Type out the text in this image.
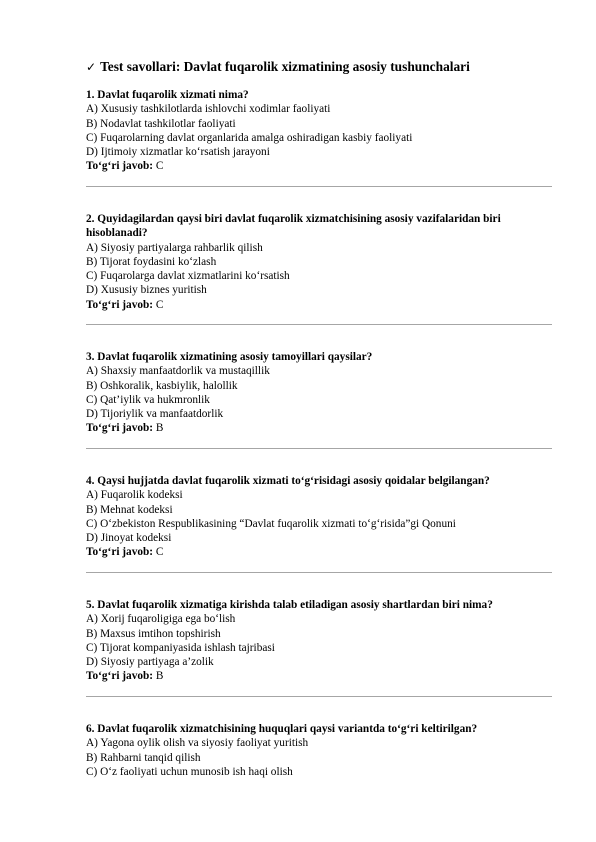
✓ Test savollari: Davlat fuqarolik xizmatining asosiy tushunchalari
1. Davlat fuqarolik xizmati nima?
A) Xususiy tashkilotlarda ishlovchi xodimlar faoliyati
B) Nodavlat tashkilotlar faoliyati
C) Fuqarolarning davlat organlarida amalga oshiradigan kasbiy faoliyati
D) Ijtimoiy xizmatlar ko‘rsatish jarayoni
To‘g‘ri javob: C
2. Quyidagilardan qaysi biri davlat fuqarolik xizmatchisining asosiy vazifalaridan biri hisoblanadi?
A) Siyosiy partiyalarga rahbarlik qilish
B) Tijorat foydasini ko‘zlash
C) Fuqarolarga davlat xizmatlarini ko‘rsatish
D) Xususiy biznes yuritish
To‘g‘ri javob: C
3. Davlat fuqarolik xizmatining asosiy tamoyillari qaysilar?
A) Shaxsiy manfaatdorlik va mustaqillik
B) Oshkoralik, kasbiylik, halollik
C) Qat’iylik va hukmronlik
D) Tijoriylik va manfaatdorlik
To‘g‘ri javob: B
4. Qaysi hujjatda davlat fuqarolik xizmati to‘g‘risidagi asosiy qoidalar belgilangan?
A) Fuqarolik kodeksi
B) Mehnat kodeksi
C) O‘zbekiston Respublikasining “Davlat fuqarolik xizmati to‘g‘risida”gi Qonuni
D) Jinoyat kodeksi
To‘g‘ri javob: C
5. Davlat fuqarolik xizmatiga kirishda talab etiladigan asosiy shartlardan biri nima?
A) Xorij fuqaroligiga ega bo‘lish
B) Maxsus imtihon topshirish
C) Tijorat kompaniyasida ishlash tajribasi
D) Siyosiy partiyaga a’zolik
To‘g‘ri javob: B
6. Davlat fuqarolik xizmatchisining huquqlari qaysi variantda to‘g‘ri keltirilgan?
A) Yagona oylik olish va siyosiy faoliyat yuritish
B) Rahbarni tanqid qilish
C) O‘z faoliyati uchun munosib ish haqi olish
